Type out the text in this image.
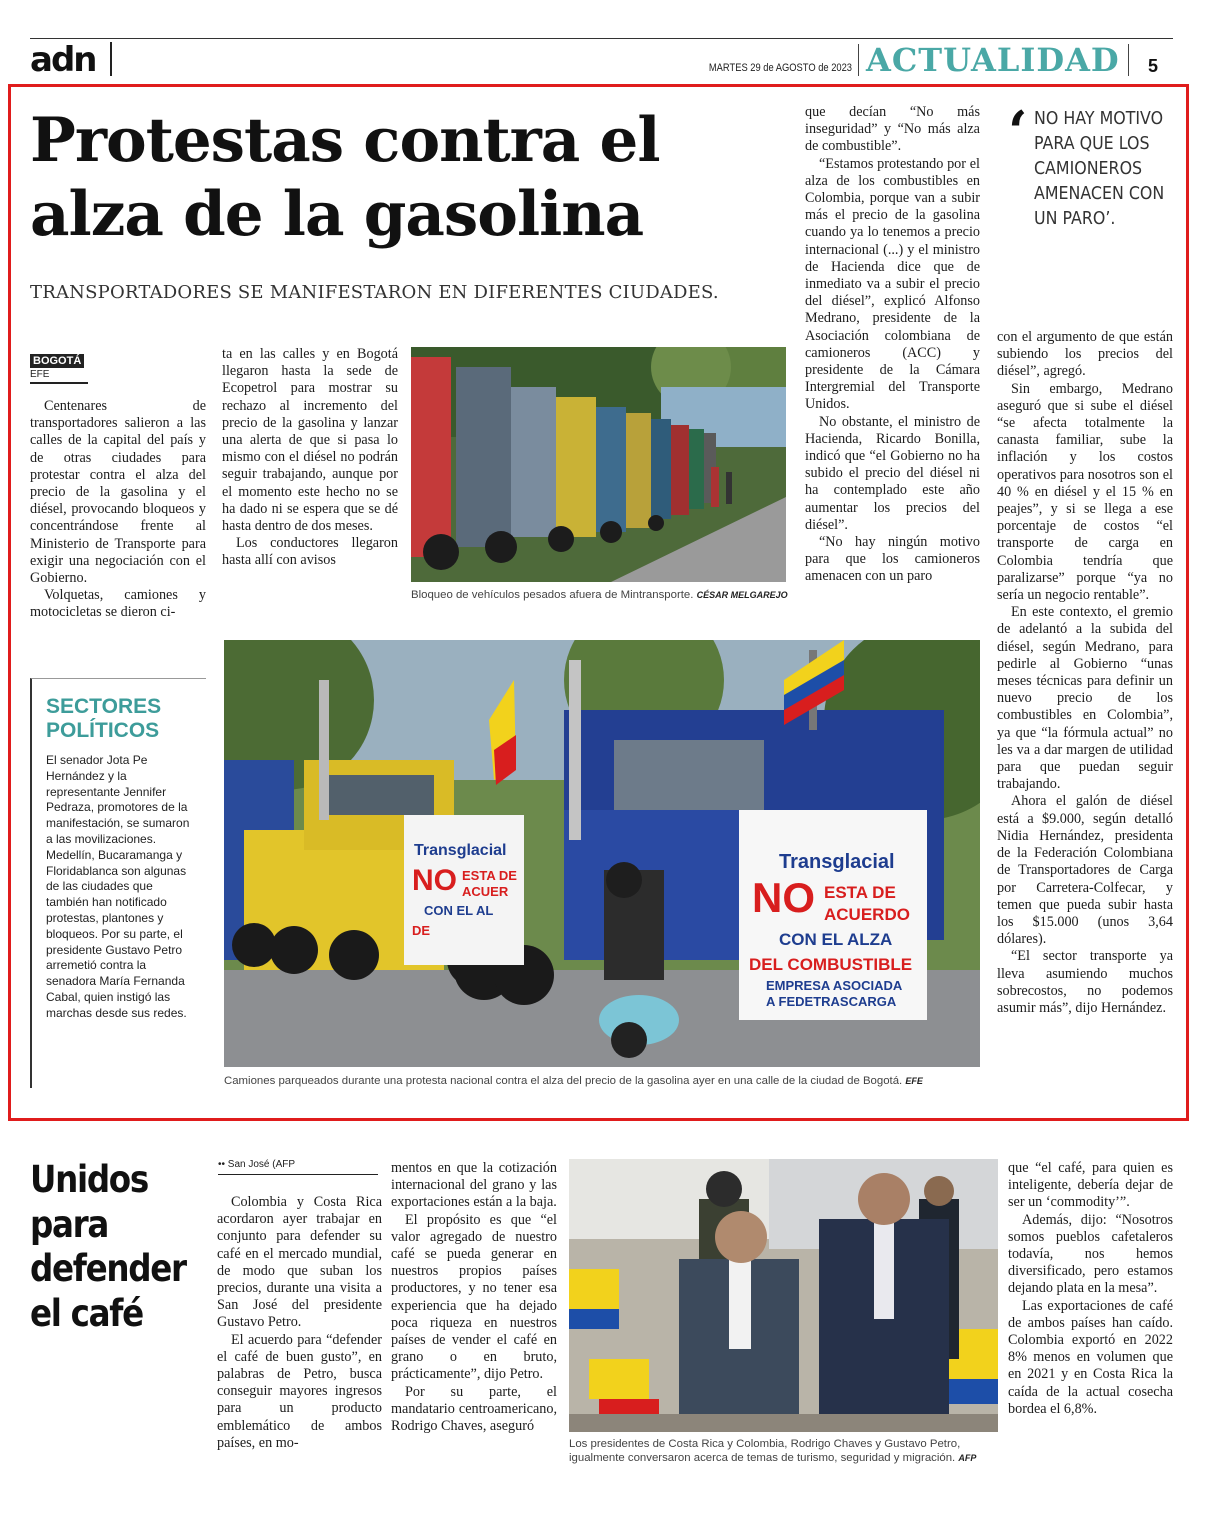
adn	MARTES 29 de AGOSTO de 2023 ACTUALIDAD 5
Protestas contra el alza de la gasolina
TRANSPORTADORES SE MANIFESTARON EN DIFERENTES CIUDADES.
BOGOTÁ
EFE

Centenares de transportadores salieron a las calles de la capital del país y de otras ciudades para protestar contra el alza del precio de la gasolina y el diésel, provocando bloqueos y concentrándose frente al Ministerio de Transporte para exigir una negociación con el Gobierno.

Volquetas, camiones y motocicletas se dieron ci-

ta en las calles y en Bogotá llegaron hasta la sede de Ecopetrol para mostrar su rechazo al incremento del precio de la gasolina y lanzar una alerta de que si pasa lo mismo con el diésel no podrán seguir trabajando, aunque por el momento este hecho no se ha dado ni se espera que se dé hasta dentro de dos meses.

Los conductores llegaron hasta allí con avisos

que decían “No más inseguridad” y “No más alza de combustible”.

“Estamos protestando por el alza de los combustibles en Colombia, porque van a subir más el precio de la gasolina cuando ya lo tenemos a precio internacional (...) y el ministro de Hacienda dice que de inmediato va a subir el precio del diésel”, explicó Alfonso Medrano, presidente de la Asociación colombiana de camioneros (ACC) y presidente de la Cámara Intergremial del Transporte Unidos.

No obstante, el ministro de Hacienda, Ricardo Bonilla, indicó que “el Gobierno no ha subido el precio del diésel ni ha contemplado este año aumentar los precios del diésel”.

“No hay ningún motivo para que los camioneros amenacen con un paro

con el argumento de que están subiendo los precios del diésel”, agregó.

Sin embargo, Medrano aseguró que si sube el diésel “se afecta totalmente la canasta familiar, sube la inflación y los costos operativos para nosotros son el 40 % en diésel y el 15 % en peajes”, y si se llega a ese porcentaje de costos “el transporte de carga en Colombia tendría que paralizarse” porque “ya no sería un negocio rentable”.

En este contexto, el gremio de adelantó a la subida del diésel, según Medrano, para pedirle al Gobierno “unas meses técnicas para definir un nuevo precio de los combustibles en Colombia”, ya que “la fórmula actual” no les va a dar margen de utilidad para que puedan seguir trabajando.

Ahora el galón de diésel está a $9.000, según detalló Nidia Hernández, presidenta de la Federación Colombiana de Transportadores de Carga por Carretera-Colfecar, y temen que pueda subir hasta los $15.000 (unos 3,64 dólares).

“El sector transporte ya lleva asumiendo muchos sobrecostos, no podemos asumir más”, dijo Hernández.

‘ NO HAY MOTIVO PARA QUE LOS CAMIONEROS AMENACEN CON UN PARO’.
SECTORES POLÍTICOS
El senador Jota Pe Hernández y la representante Jennifer Pedraza, promotores de la manifestación, se sumaron a las movilizaciones. Medellín, Bucaramanga y Floridablanca son algunas de las ciudades que también han notificado protestas, plantones y bloqueos. Por su parte, el presidente Gustavo Petro arremetió contra la senadora María Fernanda Cabal, quien instigó las marchas desde sus redes.
Bloqueo de vehículos pesados afuera de Mintransporte. CÉSAR MELGAREJO
Transglacial
NO ESTA DE
ACUER
CON EL AL
DE
Transglacial
NO ESTA DE
ACUERDO
CON EL ALZA
DEL COMBUSTIBLE
EMPRESA ASOCIADA
A FEDETRASCARGA
Camiones parqueados durante una protesta nacional contra el alza del precio de la gasolina ayer en una calle de la ciudad de Bogotá. EFE
Unidos para defender el café
•• San José (AFP

Colombia y Costa Rica acordaron ayer trabajar en conjunto para defender su café en el mercado mundial, de modo que suban los precios, durante una visita a San José del presidente Gustavo Petro.

El acuerdo para “defender el café de buen gusto”, en palabras de Petro, busca conseguir mayores ingresos para un producto emblemático de ambos países, en mo-

mentos en que la cotización internacional del grano y las exportaciones están a la baja.

El propósito es que “el valor agregado de nuestro café se pueda generar en nuestros propios países productores, y no tener esa experiencia que ha dejado poca riqueza en nuestros países de vender el café en grano o en bruto, prácticamente”, dijo Petro.

Por su parte, el mandatario centroamericano, Rodrigo Chaves, aseguró

que “el café, para quien es inteligente, debería dejar de ser un ‘commodity’”.

Además, dijo: “Nosotros somos pueblos cafetaleros todavía, nos hemos diversificado, pero estamos dejando plata en la mesa”.

Las exportaciones de café de ambos países han caído. Colombia exportó en 2022 8% menos en volumen que en 2021 y en Costa Rica la caída de la actual cosecha bordea el 6,8%.

Los presidentes de Costa Rica y Colombia, Rodrigo Chaves y Gustavo Petro, igualmente conversaron acerca de temas de turismo, seguridad y migración. AFP
